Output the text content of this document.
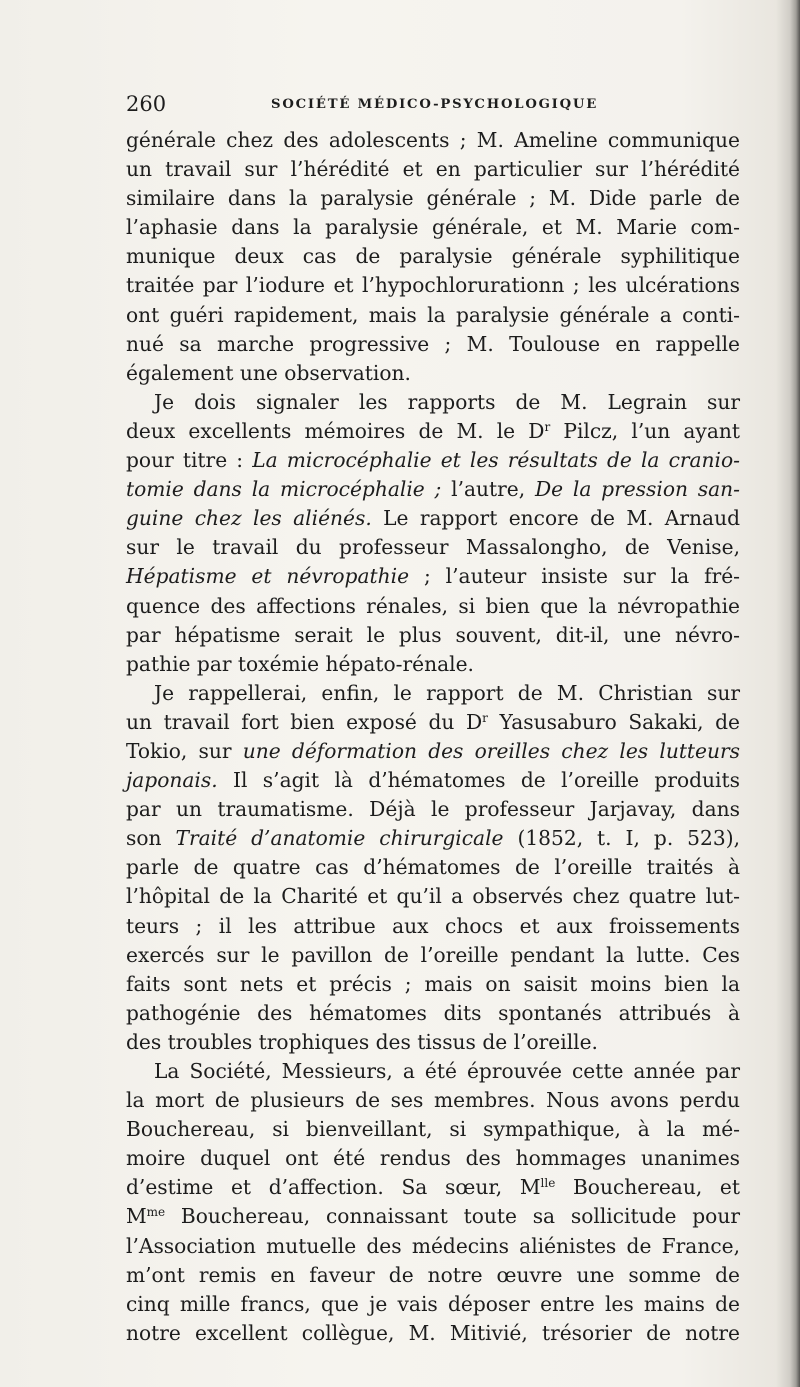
260	SOCIÉTÉ MÉDICO-PSYCHOLOGIQUE

générale chez des adolescents ; M. Ameline communique

un travail sur l’hérédité et en particulier sur l’hérédité

similaire dans la paralysie générale ; M. Dide parle de

l’aphasie dans la paralysie générale, et M. Marie com-

munique deux cas de paralysie générale syphilitique

traitée par l’iodure et l’hypochlorurationn ; les ulcérations

ont guéri rapidement, mais la paralysie générale a conti-

nué sa marche progressive ; M. Toulouse en rappelle

également une observation.

Je dois signaler les rapports de M. Legrain sur

deux excellents mémoires de M. le $D^r$ Pilcz, l’un ayant

pour titre : La microcéphalie et les résultats de la cranio-

tomie dans la microcéphalie ; l’autre, De la pression san-

guine chez les aliénés. Le rapport encore de M. Arnaud

sur le travail du professeur Massalongho, de Venise,

Hépatisme et névropathie ; l’auteur insiste sur la fré-

quence des affections rénales, si bien que la névropathie

par hépatisme serait le plus souvent, dit-il, une névro-

pathie par toxémie hépato-rénale.

Je rappellerai, enfin, le rapport de M. Christian sur

un travail fort bien exposé du $D^r$ Yasusaburo Sakaki, de

Tokio, sur une déformation des oreilles chez les lutteurs

japonais. Il s’agit là d’hématomes de l’oreille produits

par un traumatisme. Déjà le professeur Jarjavay, dans

son Traité d’anatomie chirurgicale (1852, t. I, p. 523),

parle de quatre cas d’hématomes de l’oreille traités à

l’hôpital de la Charité et qu’il a observés chez quatre lut-

teurs ; il les attribue aux chocs et aux froissements

exercés sur le pavillon de l’oreille pendant la lutte. Ces

faits sont nets et précis ; mais on saisit moins bien la

pathogénie des hématomes dits spontanés attribués à

des troubles trophiques des tissus de l’oreille.

La Société, Messieurs, a été éprouvée cette année par

la mort de plusieurs de ses membres. Nous avons perdu

Bouchereau, si bienveillant, si sympathique, à la mé-

moire duquel ont été rendus des hommages unanimes

d’estime et d’affection. Sa sœur, $M^{lle}$ Bouchereau, et

$M^{me}$ Bouchereau, connaissant toute sa sollicitude pour

l’Association mutuelle des médecins aliénistes de France,

m’ont remis en faveur de notre œuvre une somme de

cinq mille francs, que je vais déposer entre les mains de

notre excellent collègue, M. Mitivié, trésorier de notre
